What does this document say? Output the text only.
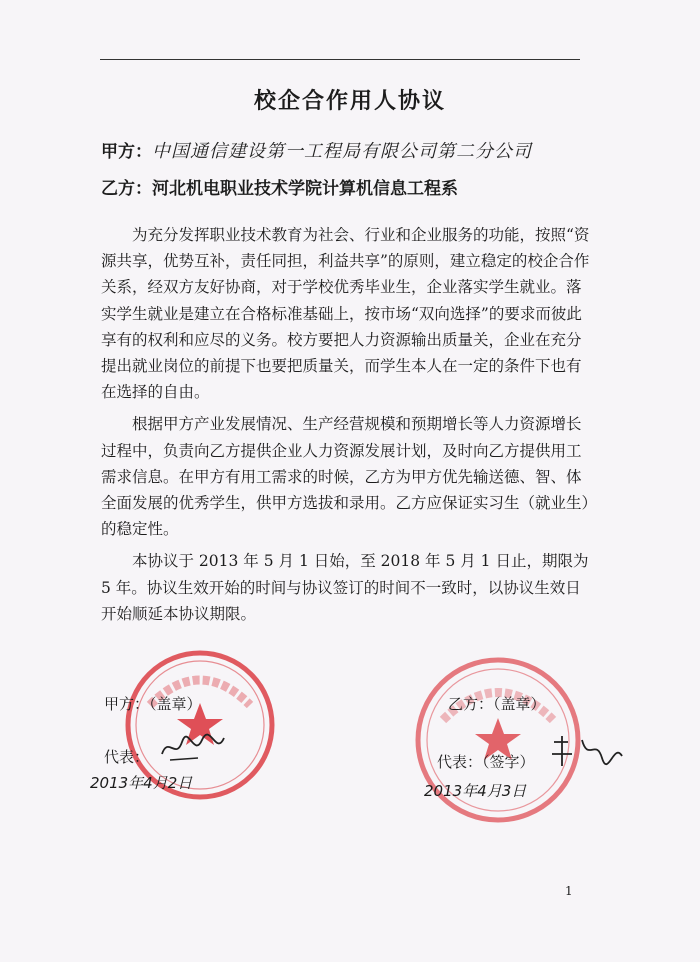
校企合作用人协议
甲方：中国通信建设第一工程局有限公司第二分公司
乙方：河北机电职业技术学院计算机信息工程系

为充分发挥职业技术教育为社会、行业和企业服务的功能，按照“资源共享，优势互补，责任同担，利益共享”的原则，建立稳定的校企合作关系，经双方友好协商，对于学校优秀毕业生，企业落实学生就业。落实学生就业是建立在合格标准基础上，按市场“双向选择”的要求而彼此享有的权利和应尽的义务。校方要把人力资源输出质量关，企业在充分提出就业岗位的前提下也要把质量关，而学生本人在一定的条件下也有在选择的自由。

根据甲方产业发展情况、生产经营规模和预期增长等人力资源增长过程中，负责向乙方提供企业人力资源发展计划，及时向乙方提供用工需求信息。在甲方有用工需求的时候，乙方为甲方优先输送德、智、体全面发展的优秀学生，供甲方选拔和录用。乙方应保证实习生（就业生）的稳定性。

本协议于 2013 年 5 月 1 日始，至 2018 年 5 月 1 日止，期限为 5 年。协议生效开始的时间与协议签订的时间不一致时，以协议生效日开始顺延本协议期限。

甲方：（盖章）
代表：
2013年4月2日
乙方：（盖章）
代表：（签字）
2013年4月3日
1
